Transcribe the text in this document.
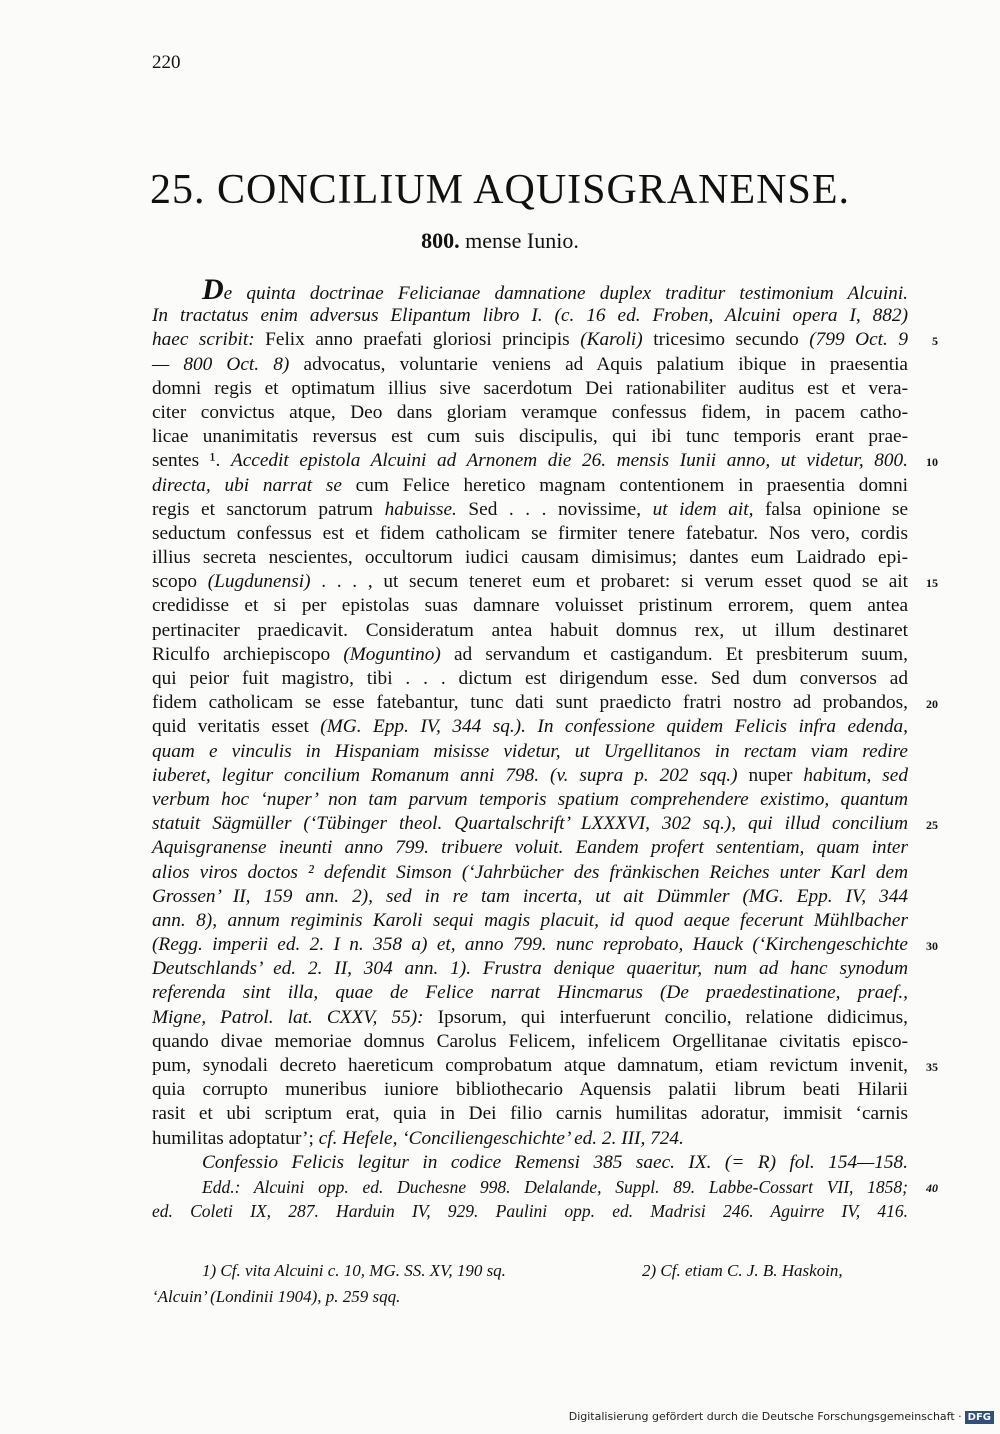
220
25. CONCILIUM AQUISGRANENSE.
800. mense Iunio.
De quinta doctrinae Felicianae damnatione duplex traditur testimonium Alcuini.
In tractatus enim adversus Elipantum libro I. (c. 16 ed. Froben, Alcuini opera I, 882)
haec scribit: Felix anno praefati gloriosi principis (Karoli) tricesimo secundo (799 Oct. 9 5
— 800 Oct. 8) advocatus, voluntarie veniens ad Aquis palatium ibique in praesentia
domni regis et optimatum illius sive sacerdotum Dei rationabiliter auditus est et vera-
citer convictus atque, Deo dans gloriam veramque confessus fidem, in pacem catho-
licae unanimitatis reversus est cum suis discipulis, qui ibi tunc temporis erant prae-
sentes ¹. Accedit epistola Alcuini ad Arnonem die 26. mensis Iunii anno, ut videtur, 800. 10
directa, ubi narrat se cum Felice heretico magnam contentionem in praesentia domni
regis et sanctorum patrum habuisse. Sed . . . novissime, ut idem ait, falsa opinione se
seductum confessus est et fidem catholicam se firmiter tenere fatebatur. Nos vero, cordis
illius secreta nescientes, occultorum iudici causam dimisimus; dantes eum Laidrado epi-
scopo (Lugdunensi) . . . , ut secum teneret eum et probaret: si verum esset quod se ait 15
credidisse et si per epistolas suas damnare voluisset pristinum errorem, quem antea
pertinaciter praedicavit. Consideratum antea habuit domnus rex, ut illum destinaret
Riculfo archiepiscopo (Moguntino) ad servandum et castigandum. Et presbiterum suum,
qui peior fuit magistro, tibi . . . dictum est dirigendum esse. Sed dum conversos ad
fidem catholicam se esse fatebantur, tunc dati sunt praedicto fratri nostro ad probandos, 20
quid veritatis esset (MG. Epp. IV, 344 sq.). In confessione quidem Felicis infra edenda,
quam e vinculis in Hispaniam misisse videtur, ut Urgellitanos in rectam viam redire
iuberet, legitur concilium Romanum anni 798. (v. supra p. 202 sqq.) nuper habitum, sed
verbum hoc ‘nuper’ non tam parvum temporis spatium comprehendere existimo, quantum
statuit Sägmüller (‘Tübinger theol. Quartalschrift’ LXXXVI, 302 sq.), qui illud concilium 25
Aquisgranense ineunti anno 799. tribuere voluit. Eandem profert sententiam, quam inter
alios viros doctos ² defendit Simson (‘Jahrbücher des fränkischen Reiches unter Karl dem
Grossen’ II, 159 ann. 2), sed in re tam incerta, ut ait Dümmler (MG. Epp. IV, 344
ann. 8), annum regiminis Karoli sequi magis placuit, id quod aeque fecerunt Mühlbacher
(Regg. imperii ed. 2. I n. 358 a) et, anno 799. nunc reprobato, Hauck (‘Kirchengeschichte 30
Deutschlands’ ed. 2. II, 304 ann. 1). Frustra denique quaeritur, num ad hanc synodum
referenda sint illa, quae de Felice narrat Hincmarus (De praedestinatione, praef.,
Migne, Patrol. lat. CXXV, 55): Ipsorum, qui interfuerunt concilio, relatione didicimus,
quando divae memoriae domnus Carolus Felicem, infelicem Orgellitanae civitatis episco-
pum, synodali decreto haereticum comprobatum atque damnatum, etiam revictum invenit, 35
quia corrupto muneribus iuniore bibliothecario Aquensis palatii librum beati Hilarii
rasit et ubi scriptum erat, quia in Dei filio carnis humilitas adoratur, immisit ‘carnis
humilitas adoptatur’; cf. Hefele, ‘Conciliengeschichte’ ed. 2. III, 724.
Confessio Felicis legitur in codice Remensi 385 saec. IX. (= R) fol. 154—158.
Edd.: Alcuini opp. ed. Duchesne 998. Delalande, Suppl. 89. Labbe-Cossart VII, 1858; 40
ed. Coleti IX, 287. Harduin IV, 929. Paulini opp. ed. Madrisi 246. Aguirre IV, 416.
1) Cf. vita Alcuini c. 10, MG. SS. XV, 190 sq.	2) Cf. etiam C. J. B. Haskoin,
‘Alcuin’ (Londinii 1904), p. 259 sqq.
Digitalisierung gefördert durch die Deutsche Forschungsgemeinschaft · DFG
